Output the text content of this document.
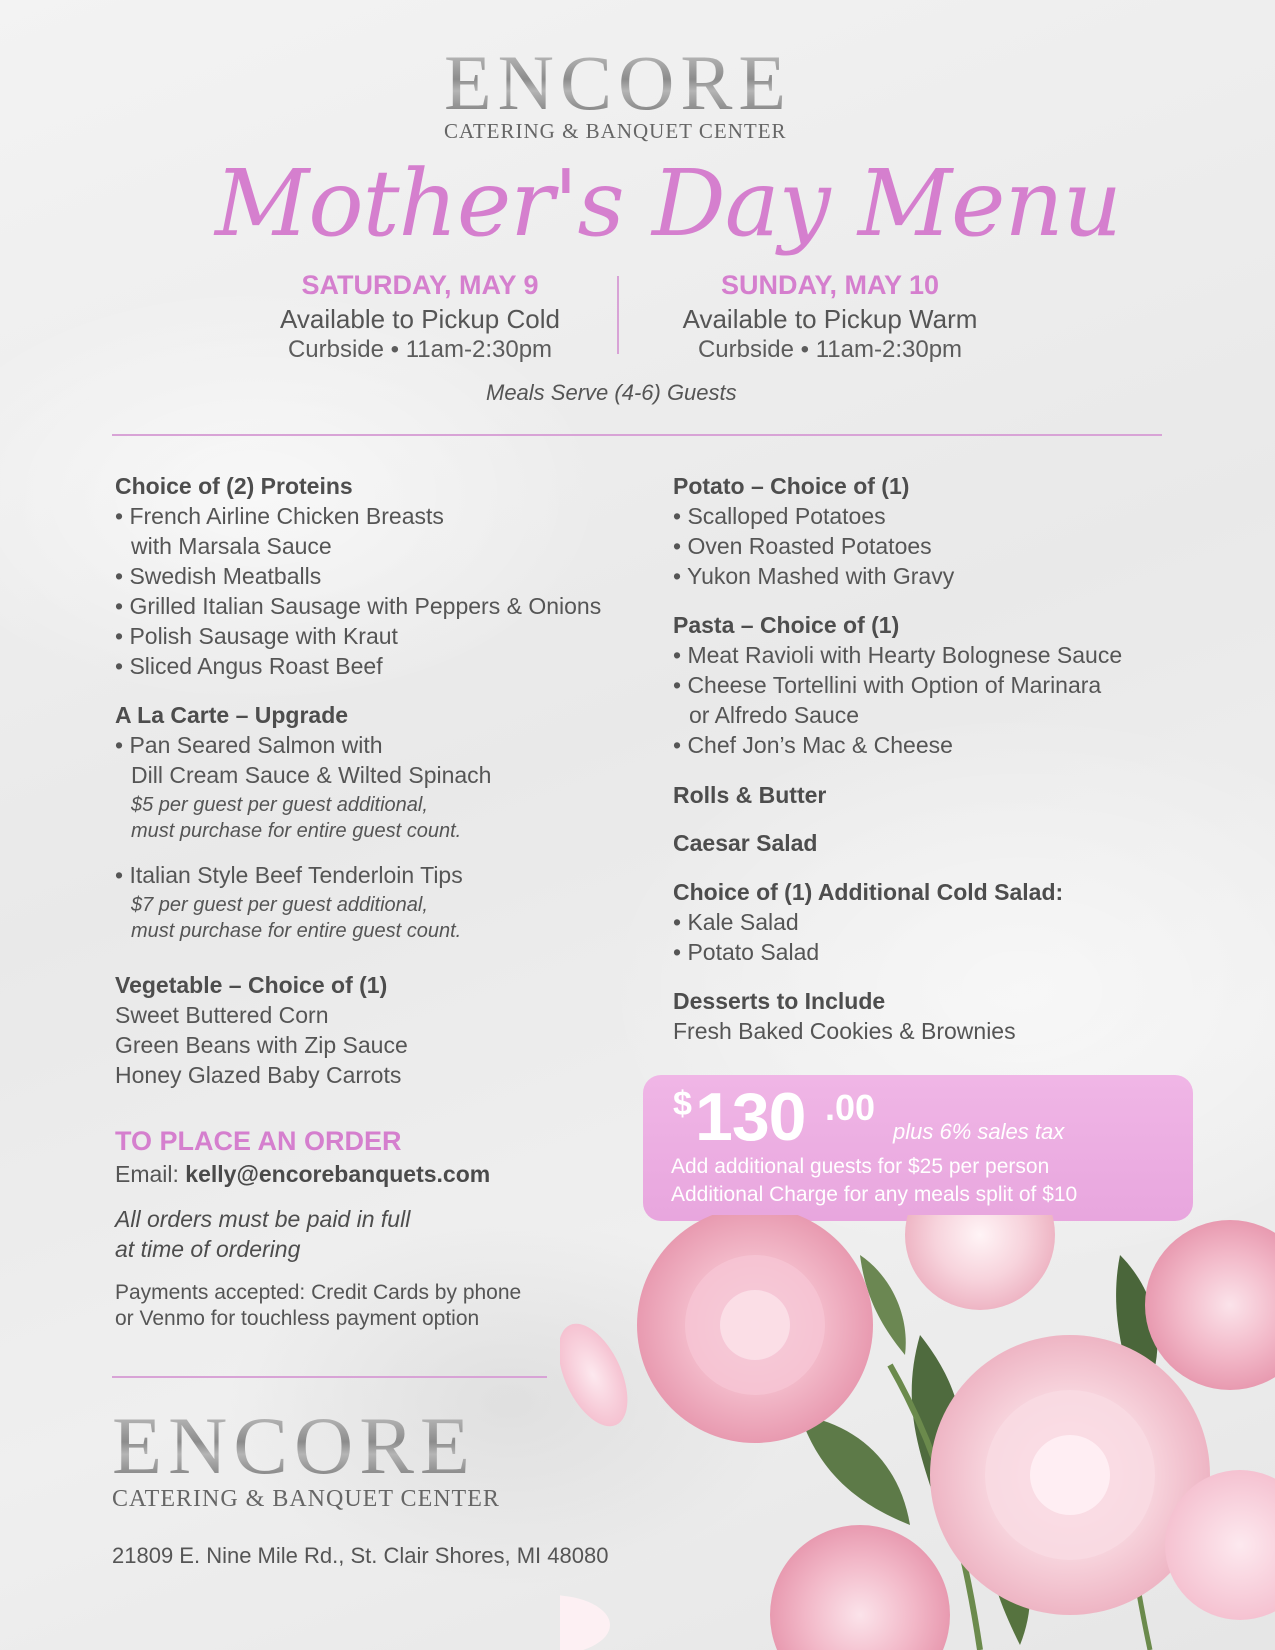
ENCORE
CATERING & BANQUET CENTER
Mother's Day Menu
SATURDAY, MAY 9
Available to Pickup Cold
Curbside • 11am-2:30pm
SUNDAY, MAY 10
Available to Pickup Warm
Curbside • 11am-2:30pm
Meals Serve (4-6) Guests
Choice of (2) Proteins
• French Airline Chicken Breasts
with Marsala Sauce
• Swedish Meatballs
• Grilled Italian Sausage with Peppers & Onions
• Polish Sausage with Kraut
• Sliced Angus Roast Beef
A La Carte – Upgrade
• Pan Seared Salmon with
Dill Cream Sauce & Wilted Spinach
$5 per guest per guest additional,
must purchase for entire guest count.
• Italian Style Beef Tenderloin Tips
$7 per guest per guest additional,
must purchase for entire guest count.
Vegetable – Choice of (1)
Sweet Buttered Corn
Green Beans with Zip Sauce
Honey Glazed Baby Carrots
Potato – Choice of (1)
• Scalloped Potatoes
• Oven Roasted Potatoes
• Yukon Mashed with Gravy
Pasta – Choice of (1)
• Meat Ravioli with Hearty Bolognese Sauce
• Cheese Tortellini with Option of Marinara
or Alfredo Sauce
• Chef Jon’s Mac & Cheese
Rolls & Butter
Caesar Salad
Choice of (1) Additional Cold Salad:
• Kale Salad
• Potato Salad
Desserts to Include
Fresh Baked Cookies & Brownies
$ 130 .00
plus 6% sales tax
Add additional guests for $25 per person
Additional Charge for any meals split of $10
TO PLACE AN ORDER
Email: kelly@encorebanquets.com
All orders must be paid in full
at time of ordering
Payments accepted: Credit Cards by phone
or Venmo for touchless payment option
ENCORE
CATERING & BANQUET CENTER
21809 E. Nine Mile Rd., St. Clair Shores, MI 48080
